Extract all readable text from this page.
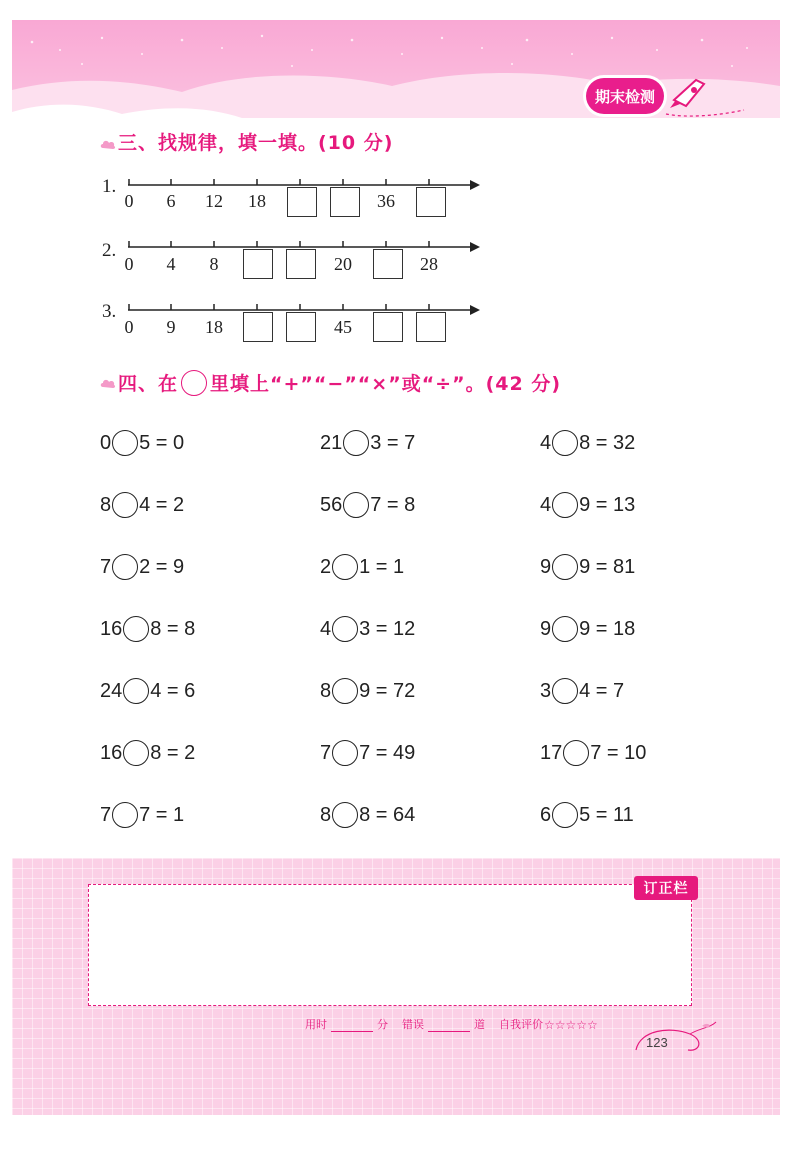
期末检测
三、找规律，填一填。(10 分)
1.
0 6 12 18	36
2.
0 4 8	20	28
3.
0 9 18	45
四、在 里填上“+”“−”“×”或“÷”。(42 分)
0 5 = 0
8 4 = 2
7 2 = 9
16 8 = 8
24 4 = 6
16 8 = 2
7 7 = 1
21 3 = 7
56 7 = 8
2 1 = 1
4 3 = 12
8 9 = 72
7 7 = 49
8 8 = 64
4 8 = 32
4 9 = 13
9 9 = 81
9 9 = 18
3 4 = 7
17 7 = 10
6 5 = 11
订正栏
用时	分 错误	道 自我评价 ☆☆☆☆☆
123
